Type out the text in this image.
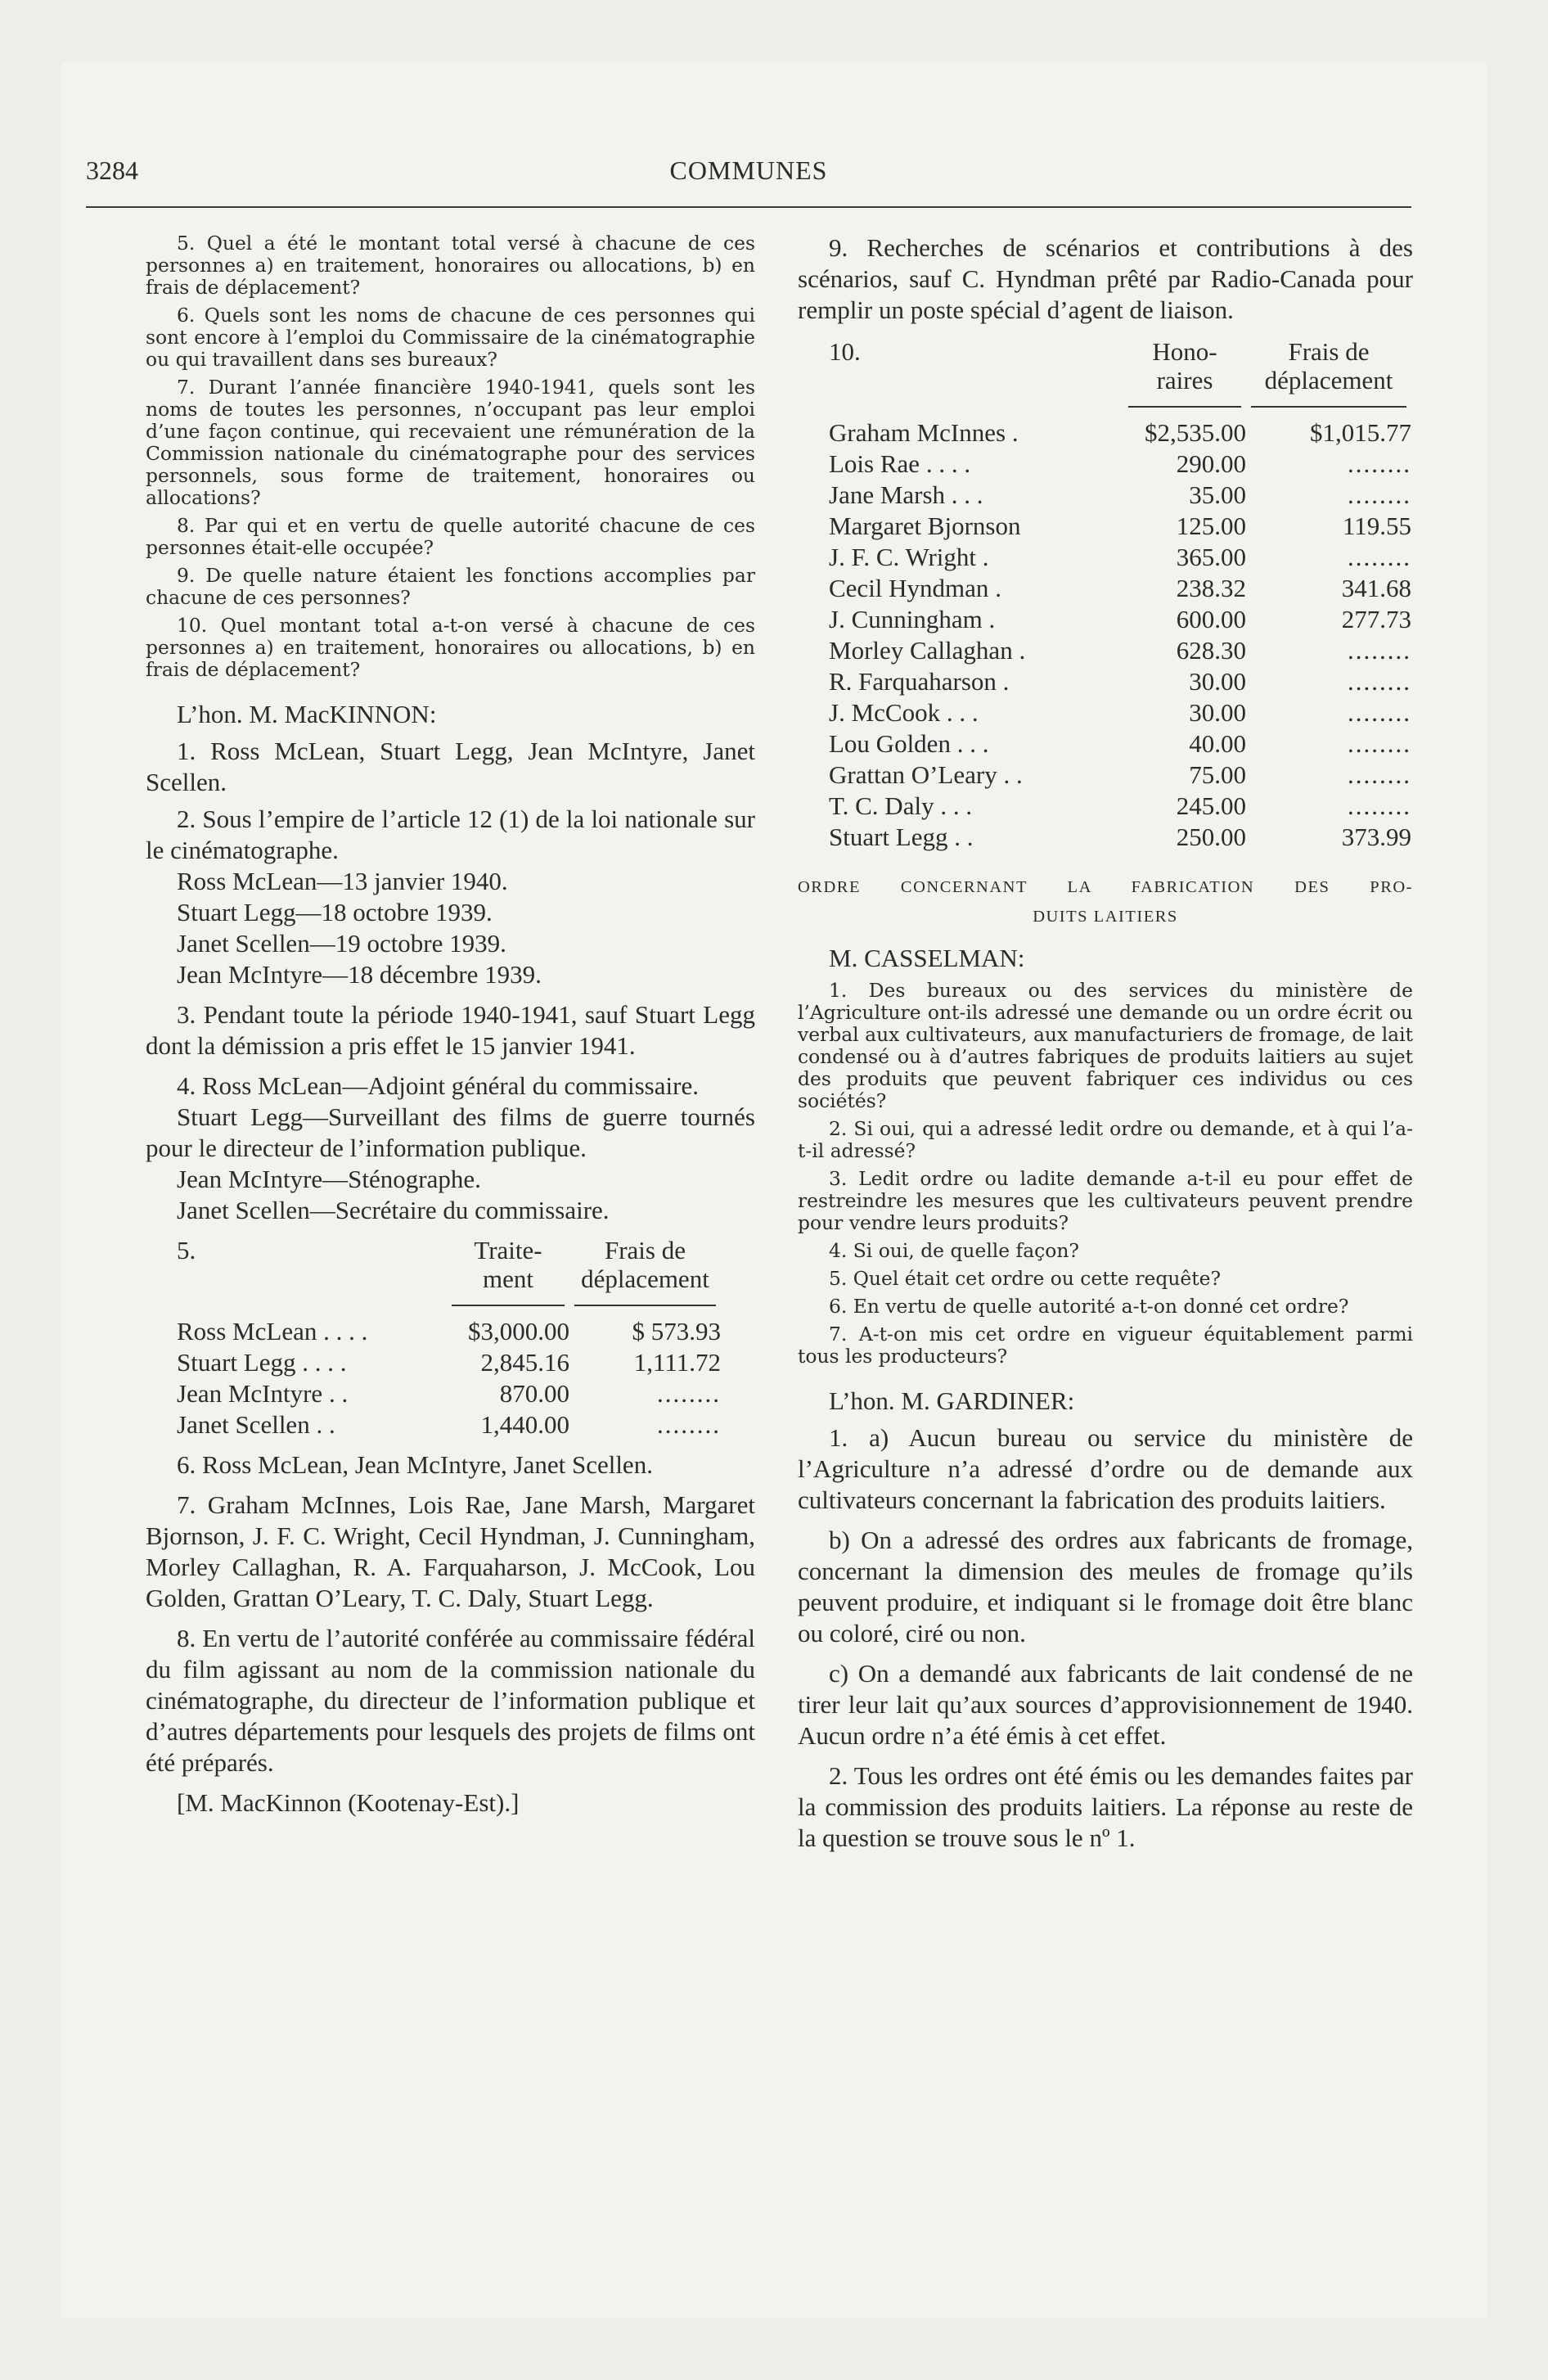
3284	COMMUNES

5. Quel a été le montant total versé à chacune de ces personnes a) en traitement, honoraires ou allocations, b) en frais de déplacement?

6. Quels sont les noms de chacune de ces personnes qui sont encore à l’emploi du Commissaire de la cinématographie ou qui travaillent dans ses bureaux?

7. Durant l’année financière 1940-1941, quels sont les noms de toutes les personnes, n’occupant pas leur emploi d’une façon continue, qui recevaient une rémunération de la Commission nationale du cinématographe pour des services personnels, sous forme de traitement, honoraires ou allocations?

8. Par qui et en vertu de quelle autorité chacune de ces personnes était-elle occupée?

9. De quelle nature étaient les fonctions accomplies par chacune de ces personnes?

10. Quel montant total a-t-on versé à chacune de ces personnes a) en traitement, honoraires ou allocations, b) en frais de déplacement?

L’hon. M. MacKINNON:

1. Ross McLean, Stuart Legg, Jean McIntyre, Janet Scellen.

2. Sous l’empire de l’article 12 (1) de la loi nationale sur le cinématographe.

Ross McLean—13 janvier 1940.

Stuart Legg—18 octobre 1939.

Janet Scellen—19 octobre 1939.

Jean McIntyre—18 décembre 1939.

3. Pendant toute la période 1940-1941, sauf Stuart Legg dont la démission a pris effet le 15 janvier 1941.

4. Ross McLean—Adjoint général du commissaire.

Stuart Legg—Surveillant des films de guerre tournés pour le directeur de l’information publique.

Jean McIntyre—Sténographe.

Janet Scellen—Secrétaire du commissaire.

5.	Traite-
ment	Frais de
déplacement

Ross McLean . . . .	$3,000.00	$ 573.93
Stuart Legg . . . .	2,845.16	1,111.72
Jean McIntyre . .	870.00	........
Janet Scellen . .	1,440.00	........

6. Ross McLean, Jean McIntyre, Janet Scellen.

7. Graham McInnes, Lois Rae, Jane Marsh, Margaret Bjornson, J. F. C. Wright, Cecil Hyndman, J. Cunningham, Morley Callaghan, R. A. Farquaharson, J. McCook, Lou Golden, Grattan O’Leary, T. C. Daly, Stuart Legg.

8. En vertu de l’autorité conférée au commissaire fédéral du film agissant au nom de la commission nationale du cinématographe, du directeur de l’information publique et d’autres départements pour lesquels des projets de films ont été préparés.

[M. MacKinnon (Kootenay-Est).]

9. Recherches de scénarios et contributions à des scénarios, sauf C. Hyndman prêté par Radio-Canada pour remplir un poste spécial d’agent de liaison.

10.	Hono-
raires	Frais de
déplacement

Graham McInnes .	$2,535.00	$1,015.77
Lois Rae . . . .	290.00	........
Jane Marsh . . .	35.00	........
Margaret Bjornson	125.00	119.55
J. F. C. Wright .	365.00	........
Cecil Hyndman .	238.32	341.68
J. Cunningham .	600.00	277.73
Morley Callaghan .	628.30	........
R. Farquaharson .	30.00	........
J. McCook . . .	30.00	........
Lou Golden . . .	40.00	........
Grattan O’Leary . .	75.00	........
T. C. Daly . . .	245.00	........
Stuart Legg . .	250.00	373.99
ORDRE CONCERNANT LA FABRICATION DES PRO-
DUITS LAITIERS

M. CASSELMAN:

1. Des bureaux ou des services du ministère de l’Agriculture ont-ils adressé une demande ou un ordre écrit ou verbal aux cultivateurs, aux manufacturiers de fromage, de lait condensé ou à d’autres fabriques de produits laitiers au sujet des produits que peuvent fabriquer ces individus ou ces sociétés?

2. Si oui, qui a adressé ledit ordre ou demande, et à qui l’a-t-il adressé?

3. Ledit ordre ou ladite demande a-t-il eu pour effet de restreindre les mesures que les cultivateurs peuvent prendre pour vendre leurs produits?

4. Si oui, de quelle façon?

5. Quel était cet ordre ou cette requête?

6. En vertu de quelle autorité a-t-on donné cet ordre?

7. A-t-on mis cet ordre en vigueur équitablement parmi tous les producteurs?

L’hon. M. GARDINER:

1. a) Aucun bureau ou service du ministère de l’Agriculture n’a adressé d’ordre ou de demande aux cultivateurs concernant la fabrication des produits laitiers.

b) On a adressé des ordres aux fabricants de fromage, concernant la dimension des meules de fromage qu’ils peuvent produire, et indiquant si le fromage doit être blanc ou coloré, ciré ou non.

c) On a demandé aux fabricants de lait condensé de ne tirer leur lait qu’aux sources d’approvisionnement de 1940. Aucun ordre n’a été émis à cet effet.

2. Tous les ordres ont été émis ou les demandes faites par la commission des produits laitiers. La réponse au reste de la question se trouve sous le nº 1.
